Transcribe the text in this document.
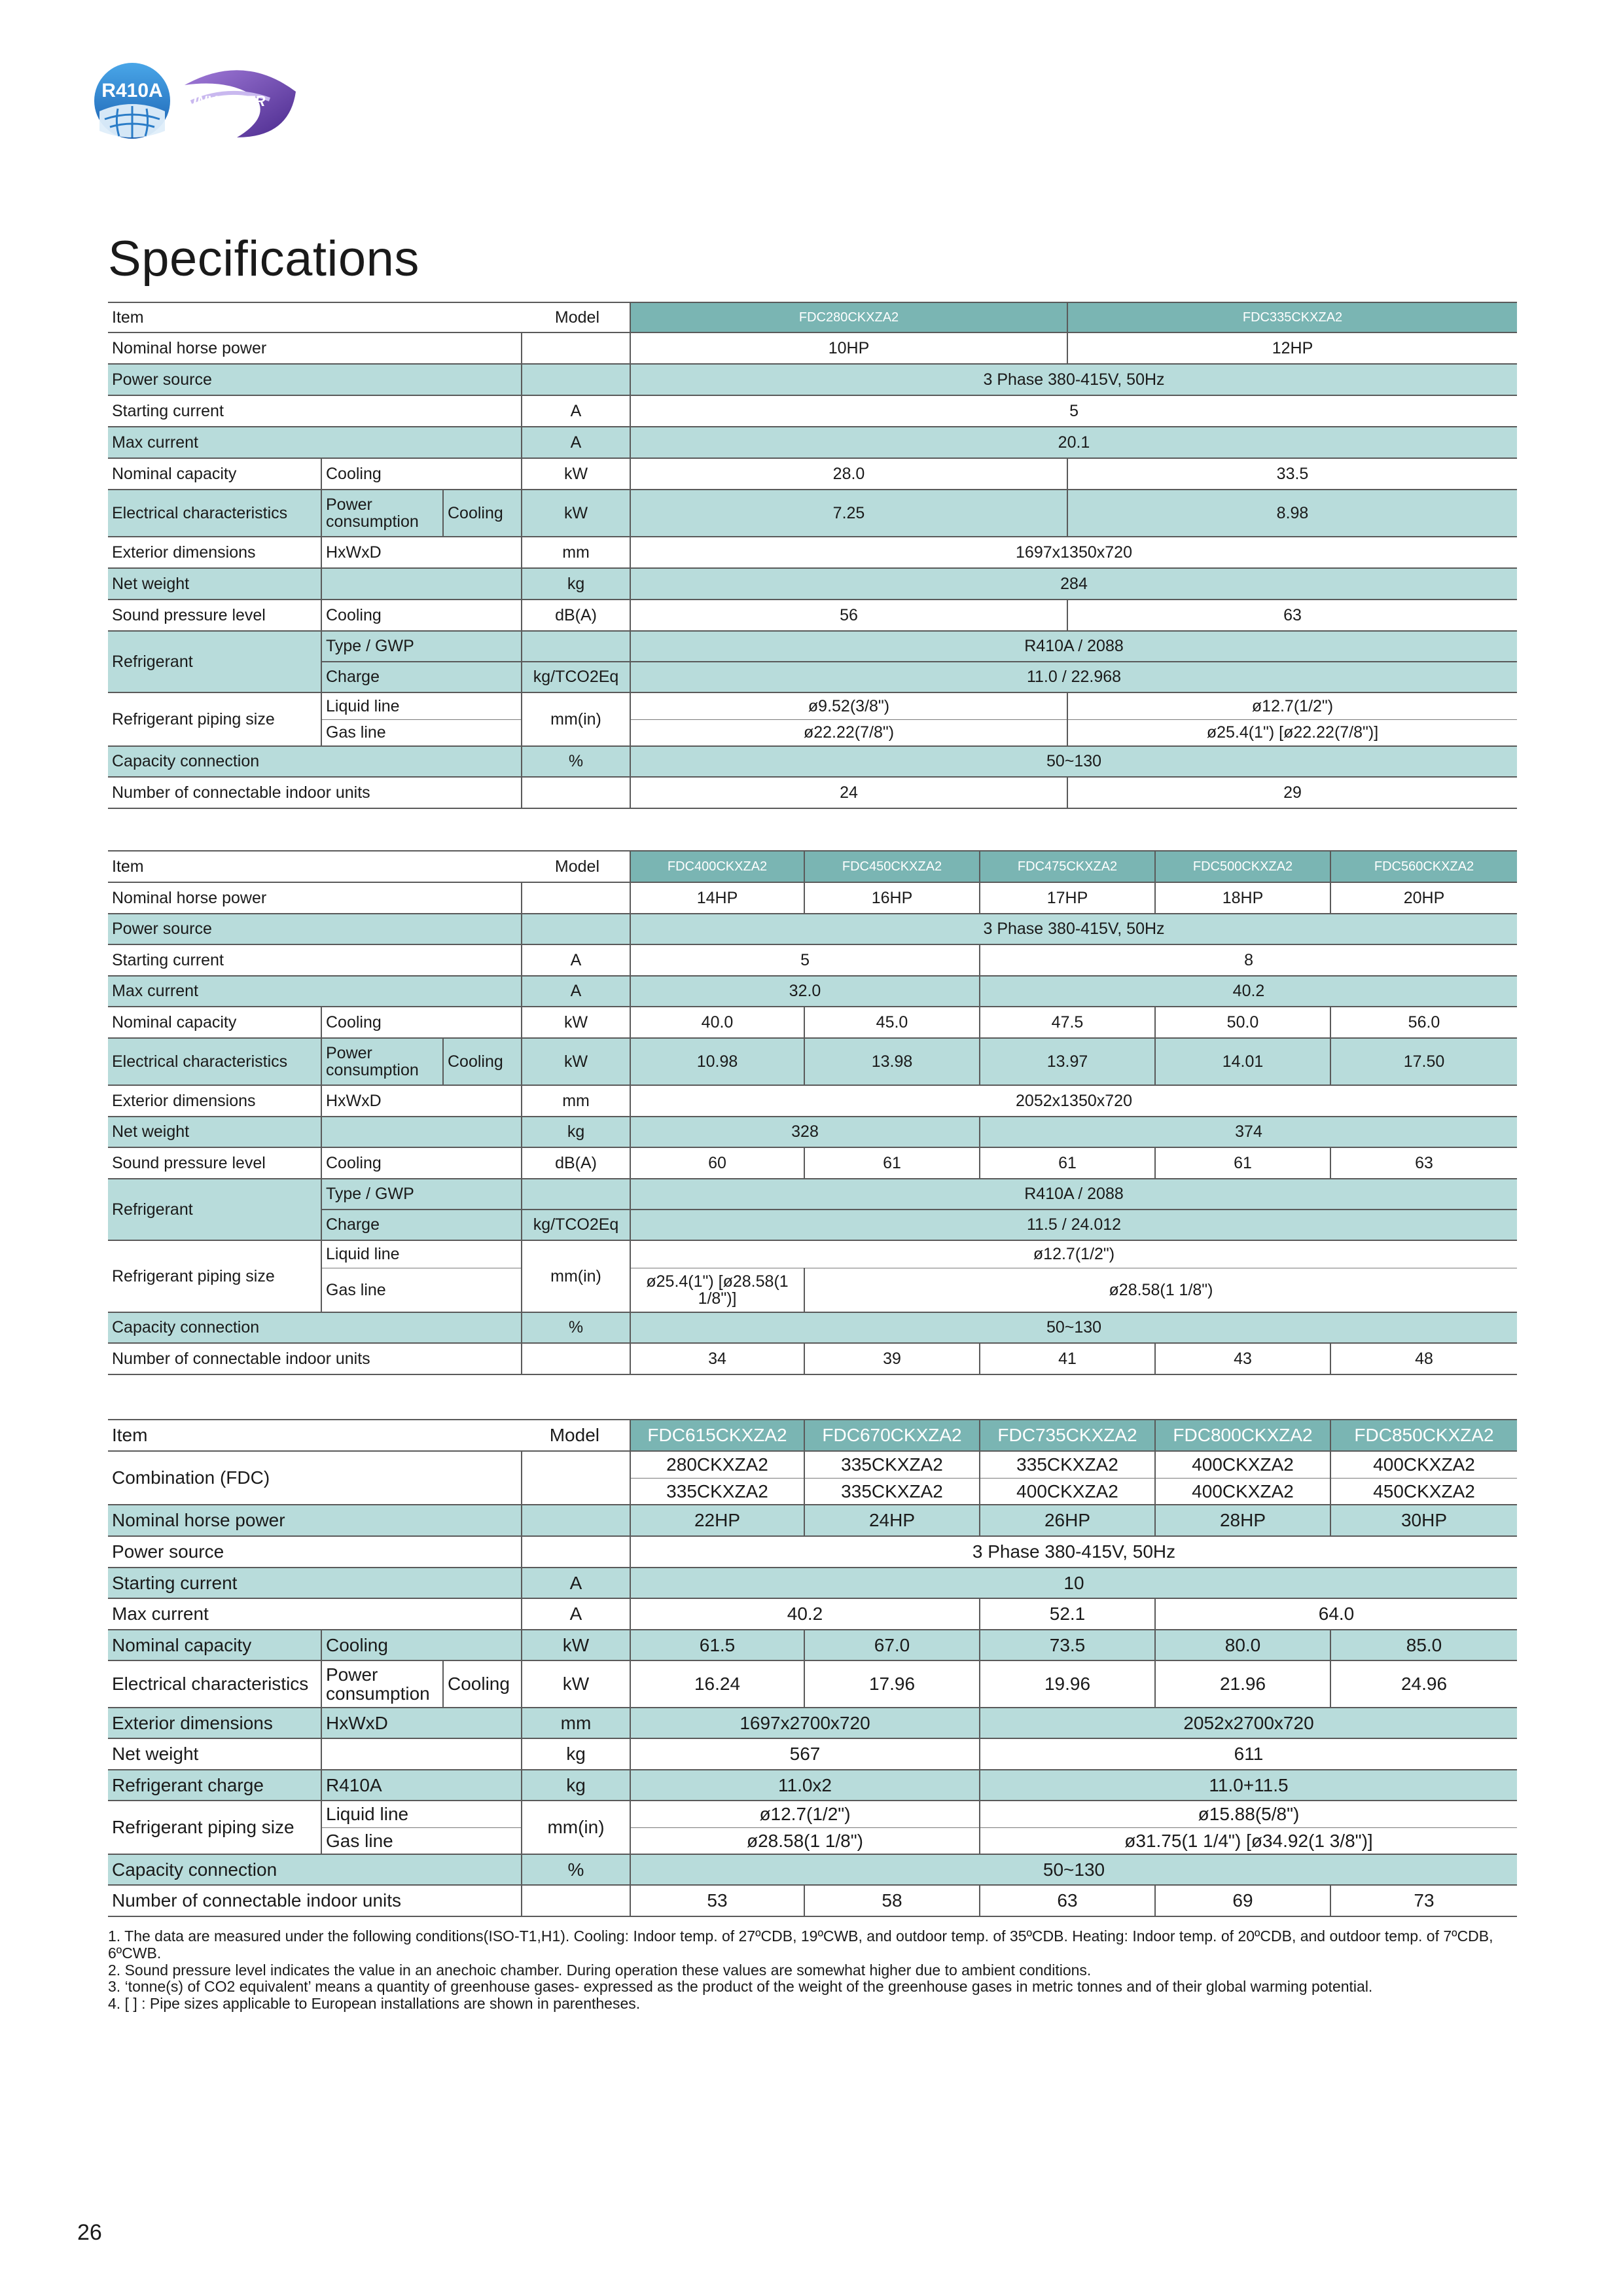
R410A INVERTER
Specifications
Item			Model	FDC280CKXZA2	FDC335CKXZA2
Nominal horse power				10HP	12HP
Power source				3 Phase 380-415V, 50Hz	
Starting current			A	5	
Max current			A	20.1	
Nominal capacity	Cooling		kW	28.0	33.5
Electrical characteristics	Power consumption	Cooling	kW	7.25	8.98
Exterior dimensions	HxWxD		mm	1697x1350x720	
Net weight			kg	284	
Sound pressure level	Cooling		dB(A)	56	63
Refrigerant	Type / GWP			R410A / 2088	
	Charge		kg/TCO2Eq	11.0 / 22.968	
Refrigerant piping size	Liquid line		mm(in)	ø9.52(3/8")	ø12.7(1/2")
	Gas line			ø22.22(7/8")	ø25.4(1") [ø22.22(7/8")]
Capacity connection			%	50~130	
Number of connectable indoor units				24	29
Item			Model	FDC400CKXZA2	FDC450CKXZA2	FDC475CKXZA2	FDC500CKXZA2	FDC560CKXZA2
Nominal horse power				14HP	16HP	17HP	18HP	20HP
Power source				3 Phase 380-415V, 50Hz				
Starting current			A	5		8		
Max current			A	32.0		40.2		
Nominal capacity	Cooling		kW	40.0	45.0	47.5	50.0	56.0
Electrical characteristics	Power consumption	Cooling	kW	10.98	13.98	13.97	14.01	17.50
Exterior dimensions	HxWxD		mm	2052x1350x720				
Net weight			kg	328		374		
Sound pressure level	Cooling		dB(A)	60	61	61	61	63
Refrigerant	Type / GWP			R410A / 2088				
	Charge		kg/TCO2Eq	11.5 / 24.012				
Refrigerant piping size	Liquid line		mm(in)	ø12.7(1/2")				
	Gas line			ø25.4(1") [ø28.58(1 1/8")]	ø28.58(1 1/8")			
Capacity connection			%	50~130				
Number of connectable indoor units				34	39	41	43	48
Item			Model	FDC615CKXZA2	FDC670CKXZA2	FDC735CKXZA2	FDC800CKXZA2	FDC850CKXZA2
Combination (FDC)				280CKXZA2	335CKXZA2	335CKXZA2	400CKXZA2	400CKXZA2
				335CKXZA2	335CKXZA2	400CKXZA2	400CKXZA2	450CKXZA2
Nominal horse power				22HP	24HP	26HP	28HP	30HP
Power source				3 Phase 380-415V, 50Hz				
Starting current			A	10				
Max current			A	40.2		52.1	64.0	
Nominal capacity	Cooling		kW	61.5	67.0	73.5	80.0	85.0
Electrical characteristics	Power consumption	Cooling	kW	16.24	17.96	19.96	21.96	24.96
Exterior dimensions	HxWxD		mm	1697x2700x720		2052x2700x720		
Net weight			kg	567		611		
Refrigerant charge	R410A		kg	11.0x2		11.0+11.5		
Refrigerant piping size	Liquid line		mm(in)	ø12.7(1/2")		ø15.88(5/8")		
	Gas line			ø28.58(1 1/8")		ø31.75(1 1/4") [ø34.92(1 3/8")]		
Capacity connection			%	50~130				
Number of connectable indoor units				53	58	63	69	73

1. The data are measured under the following conditions(ISO-T1,H1). Cooling: Indoor temp. of 27ºCDB, 19ºCWB, and outdoor temp. of 35ºCDB. Heating: Indoor temp. of 20ºCDB, and outdoor temp. of 7ºCDB, 6ºCWB.

2. Sound pressure level indicates the value in an anechoic chamber. During operation these values are somewhat higher due to ambient conditions.

3. ‘tonne(s) of CO2 equivalent’ means a quantity of greenhouse gases- expressed as the product of the weight of the greenhouse gases in metric tonnes and of their global warming potential.

4. [ ] : Pipe sizes applicable to European installations are shown in parentheses.

26
